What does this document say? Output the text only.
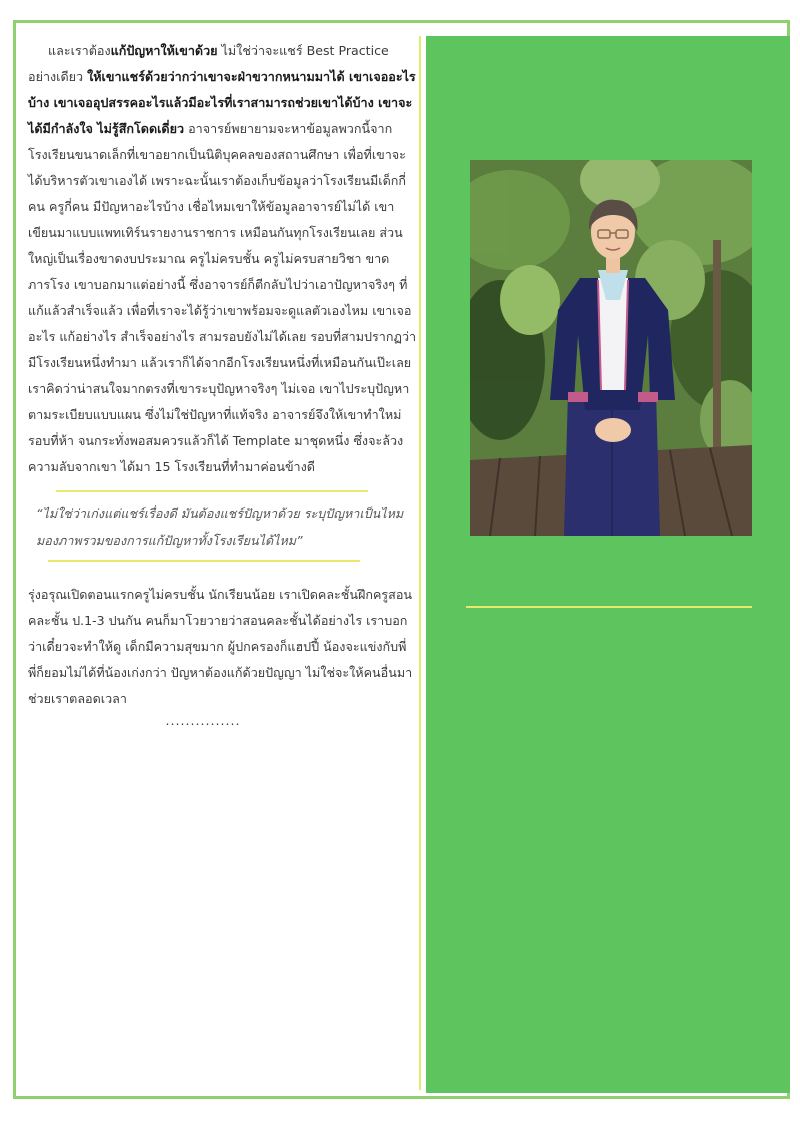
และเราต้องแก้ปัญหาให้เขาด้วย ไม่ใช่ว่าจะแชร์ Best Practice อย่างเดียว ให้เขาแชร์ด้วยว่ากว่าเขาจะฝ่าขวากหนามมาได้ เขาเจออะไรบ้าง เขาเจออุปสรรคอะไรแล้วมีอะไรที่เราสามารถช่วยเขาได้บ้าง เขาจะได้มีกำลังใจ ไม่รู้สึกโดดเดี่ยว อาจารย์พยายามจะหาข้อมูลพวกนี้จากโรงเรียนขนาดเล็กที่เขาอยากเป็นนิติบุคคลของสถานศึกษา เพื่อที่เขาจะได้บริหารตัวเขาเองได้ เพราะฉะนั้นเราต้องเก็บข้อมูลว่าโรงเรียนมีเด็กกี่คน ครูกี่คน มีปัญหาอะไรบ้าง เชื่อไหมเขาให้ข้อมูลอาจารย์ไม่ได้ เขาเขียนมาแบบแพทเทิร์นรายงานราชการ เหมือนกันทุกโรงเรียนเลย ส่วนใหญ่เป็นเรื่องขาดงบประมาณ ครูไม่ครบชั้น ครูไม่ครบสายวิชา ขาดภารโรง เขาบอกมาแต่อย่างนี้ ซึ่งอาจารย์ก็ตีกลับไปว่าเอาปัญหาจริงๆ ที่แก้แล้วสำเร็จแล้ว เพื่อที่เราจะได้รู้ว่าเขาพร้อมจะดูแลตัวเองไหม เขาเจออะไร แก้อย่างไร สำเร็จอย่างไร สามรอบยังไม่ได้เลย รอบที่สามปรากฏว่ามีโรงเรียนหนึ่งทำมา แล้วเราก็ได้จากอีกโรงเรียนหนึ่งที่เหมือนกันเป๊ะเลย เราคิดว่าน่าสนใจมากตรงที่เขาระบุปัญหาจริงๆ ไม่เจอ เขาไประบุปัญหาตามระเบียบแบบแผน ซึ่งไม่ใช่ปัญหาที่แท้จริง อาจารย์จึงให้เขาทำใหม่รอบที่ห้า จนกระทั่งพอสมควรแล้วก็ได้ Template มาชุดหนึ่ง ซึ่งจะล้วงความลับจากเขา ได้มา 15 โรงเรียนที่ทำมาค่อนข้างดี

“ไม่ใช่ว่าเก่งแต่แชร์เรื่องดี มันต้องแชร์ปัญหาด้วย ระบุปัญหาเป็นไหม มองภาพรวมของการแก้ปัญหาทั้งโรงเรียนได้ไหม”

รุ่งอรุณเปิดตอนแรกครูไม่ครบชั้น นักเรียนน้อย เราเปิดคละชั้นฝึกครูสอนคละชั้น ป.1-3 ปนกัน คนก็มาโวยวายว่าสอนคละชั้นได้อย่างไร เราบอกว่าเดี๋ยวจะทำให้ดู เด็กมีความสุขมาก ผู้ปกครองก็แฮปปี้ น้องจะแข่งกับพี่ พี่ก็ยอมไม่ได้ที่น้องเก่งกว่า ปัญหาต้องแก้ด้วยปัญญา ไม่ใช่จะให้คนอื่นมาช่วยเราตลอดเวลา

...............
